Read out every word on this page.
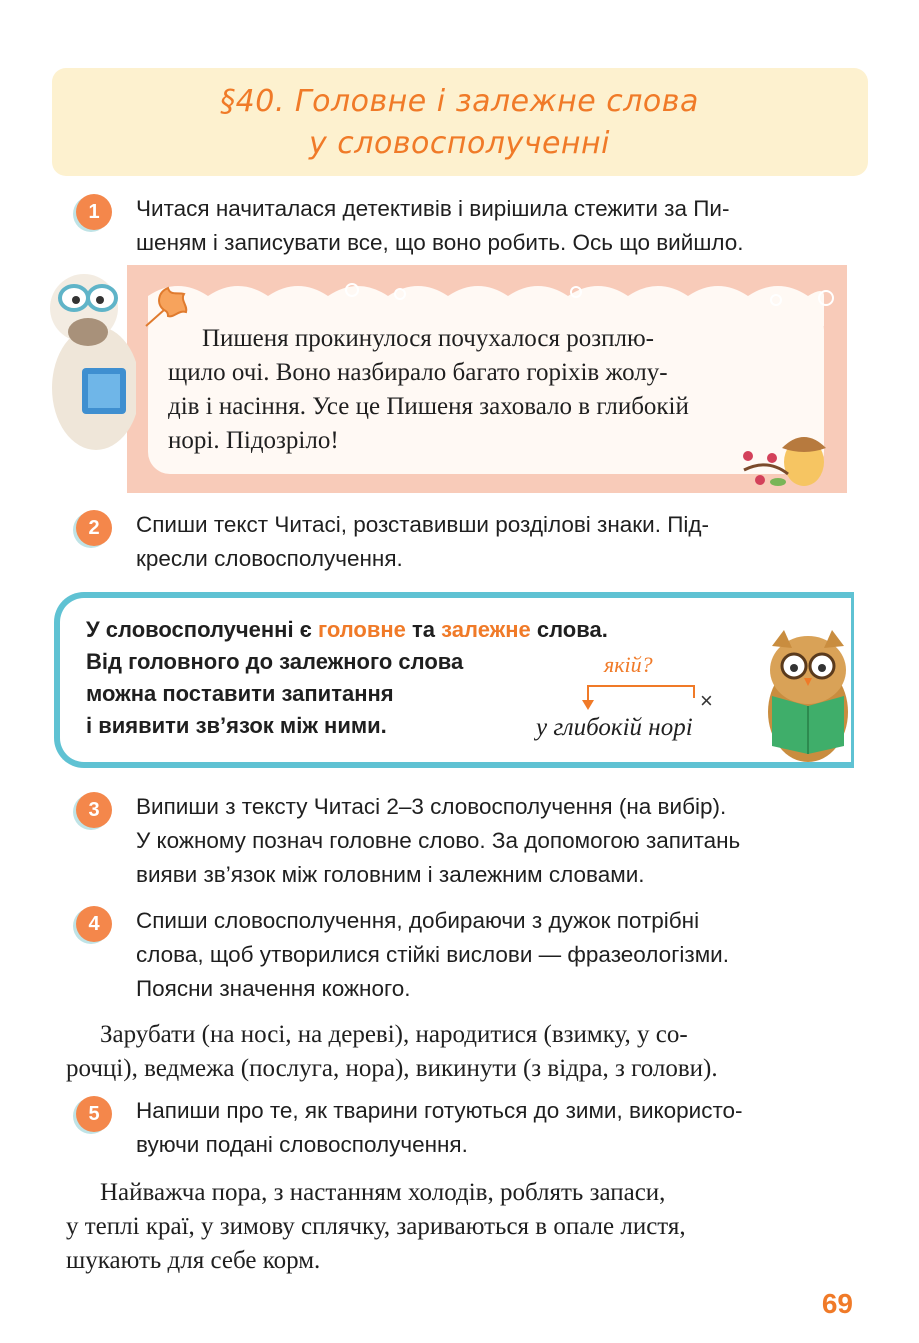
§40. Головне і залежне слова
у словосполученні
1	Читася начиталася детективів і вирішила стежити за Пи-
шеням і записувати все, що воно робить. Ось що вийшло.
Пишеня прокинулося почухалося розплю-
щило очі. Воно назбирало багато горіхів жолу-
дів і насіння. Усе це Пишеня заховало в глибокій
норі. Підозріло!
2	Спиши текст Читасі, розставивши розділові знаки. Під-
кресли словосполучення.
У словосполученні є головне та залежне слова.
Від головного до залежного слова
можна поставити запитання
і виявити зв’язок між ними.
якій?
×
у глибокій норі
3	Випиши з тексту Читасі 2–3 словосполучення (на вибір).
У кожному познач головне слово. За допомогою запитань
вияви зв’язок між головним і залежним словами.
4	Спиши словосполучення, добираючи з дужок потрібні
слова, щоб утворилися стійкі вислови — фразеологізми.
Поясни значення кожного.
Зарубати (на носі, на дереві), народитися (взимку, у со-
рочці), ведмежа (послуга, нора), викинути (з відра, з голови).
5	Напиши про те, як тварини готуються до зими, використо-
вуючи подані словосполучення.
Найважча пора, з настанням холодів, роблять запаси,
у теплі краї, у зимову сплячку, зариваються в опале листя,
шукають для себе корм.
69
